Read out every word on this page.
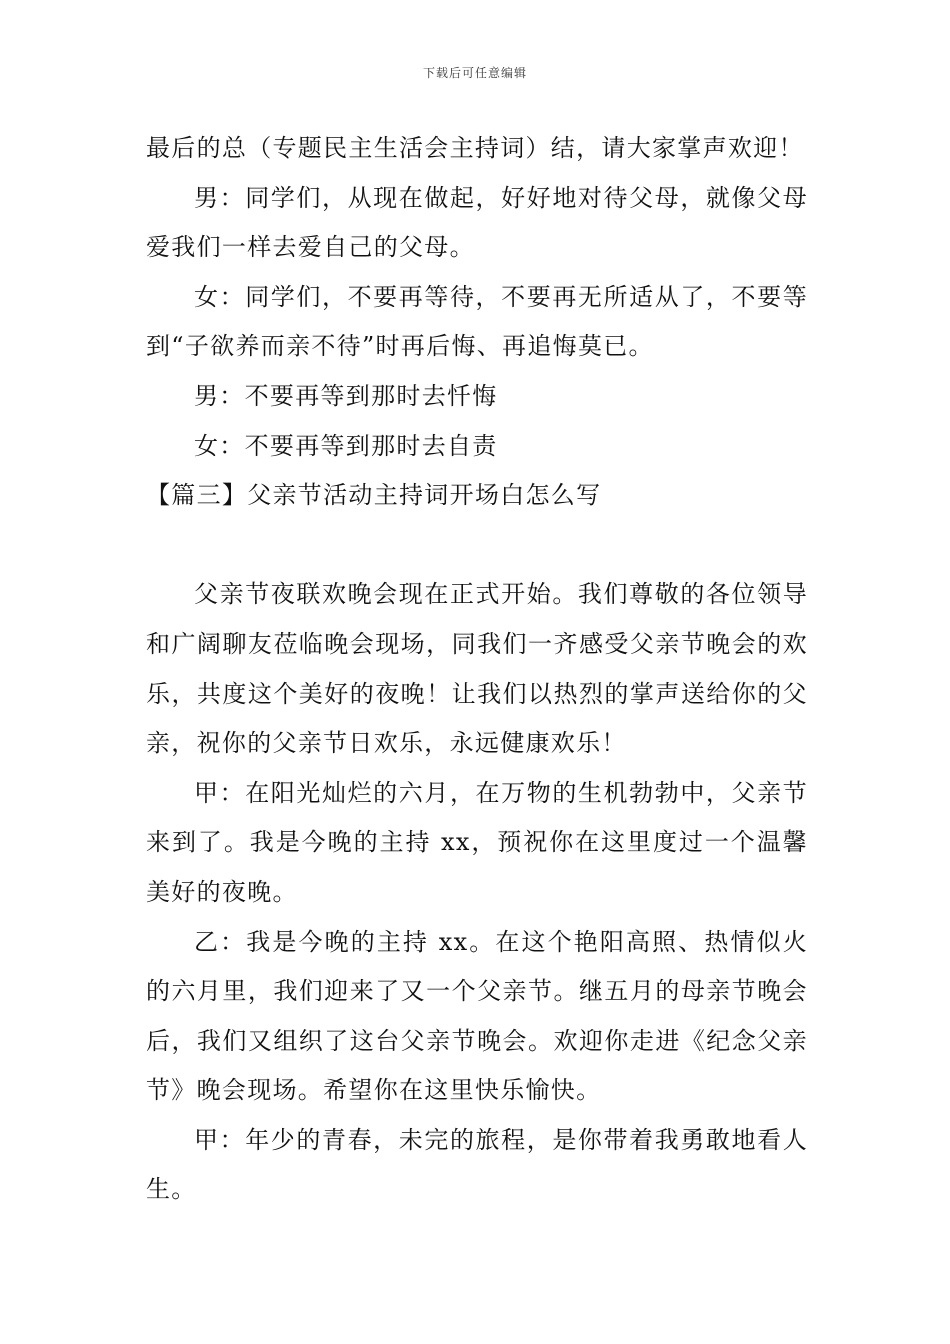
下载后可任意编辑

最后的总（专题民主生活会主持词）结，请大家掌声欢迎！

男：同学们，从现在做起，好好地对待父母，就像父母爱我们一样去爱自己的父母。

女：同学们，不要再等待，不要再无所适从了，不要等到“子欲养而亲不待”时再后悔、再追悔莫已。

男：不要再等到那时去忏悔

女：不要再等到那时去自责

【篇三】父亲节活动主持词开场白怎么写

父亲节夜联欢晚会现在正式开始。我们尊敬的各位领导和广阔聊友莅临晚会现场，同我们一齐感受父亲节晚会的欢乐，共度这个美好的夜晚！让我们以热烈的掌声送给你的父亲，祝你的父亲节日欢乐，永远健康欢乐！

甲：在阳光灿烂的六月，在万物的生机勃勃中，父亲节来到了。我是今晚的主持 xx，预祝你在这里度过一个温馨美好的夜晚。

乙：我是今晚的主持 xx。在这个艳阳高照、热情似火的六月里，我们迎来了又一个父亲节。继五月的母亲节晚会后，我们又组织了这台父亲节晚会。欢迎你走进《纪念父亲节》晚会现场。希望你在这里快乐愉快。

甲：年少的青春，未完的旅程，是你带着我勇敢地看人生。
